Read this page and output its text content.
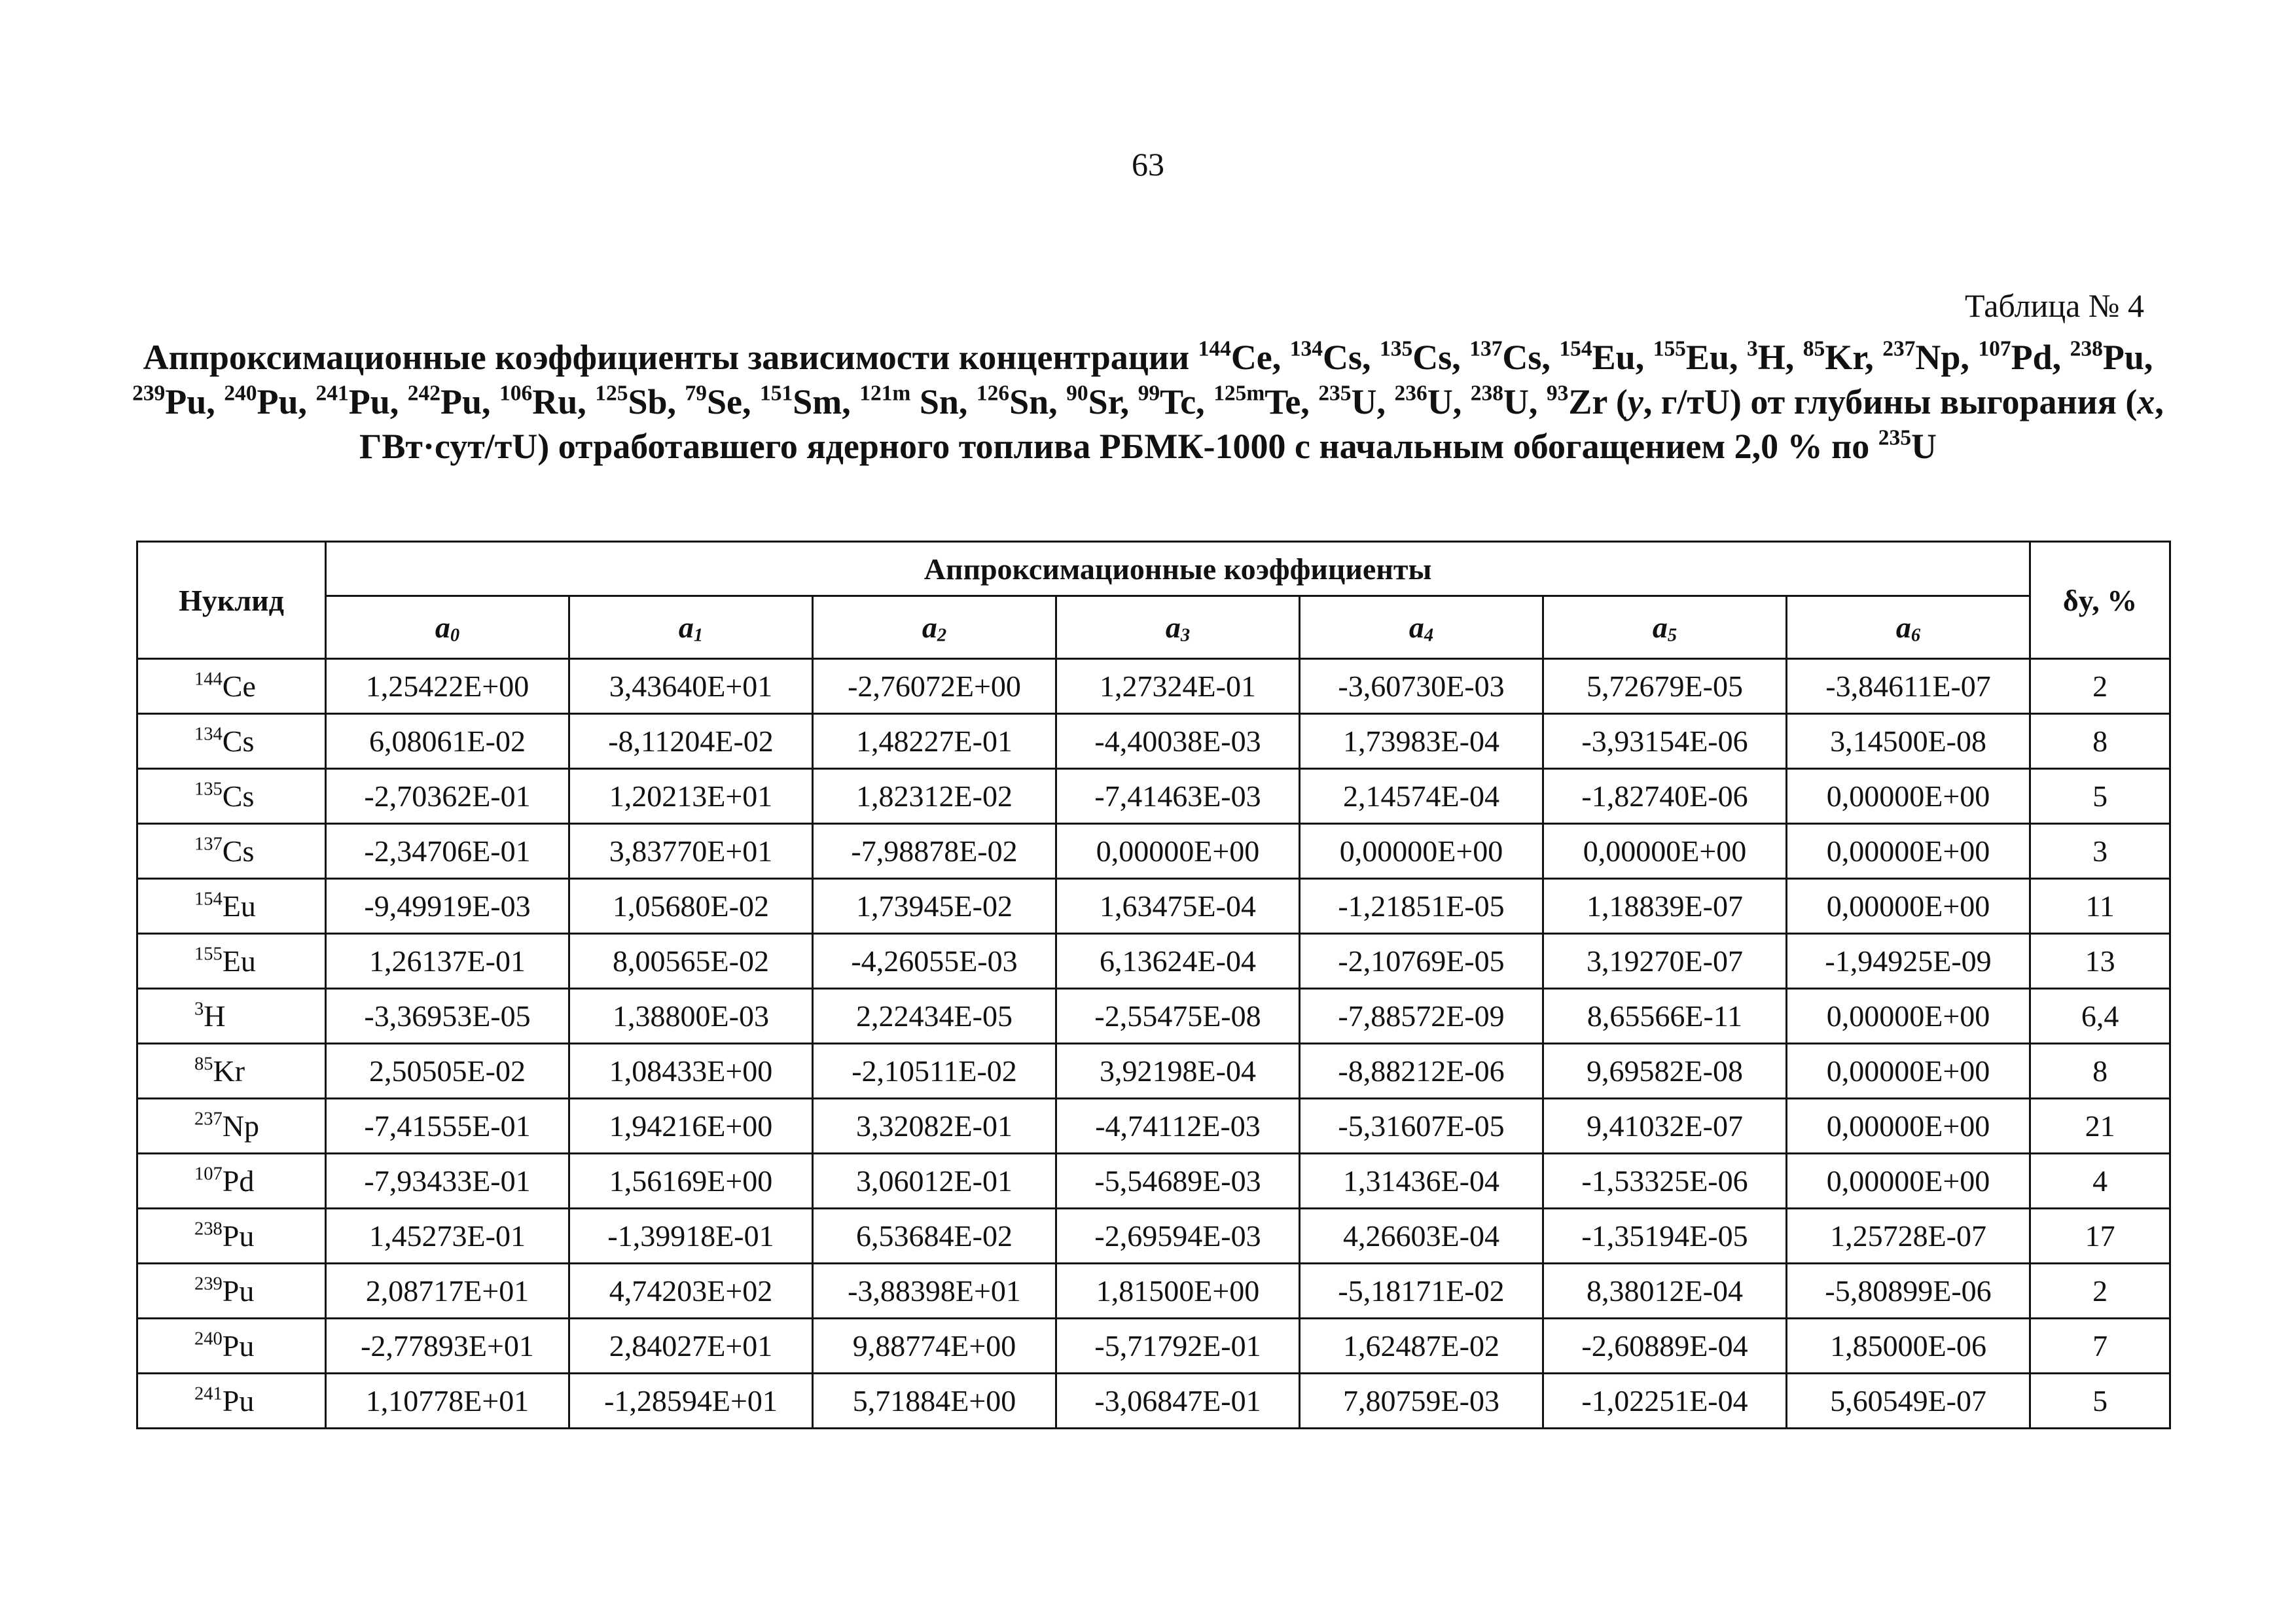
63
Таблица № 4
Аппроксимационные коэффициенты зависимости концентрации $^{144}$Ce, $^{134}$Cs, $^{135}$Cs, $^{137}$Cs, $^{154}$Eu, $^{155}$Eu, $^3$H, $^{85}$Kr, $^{237}$Np, $^{107}$Pd, $^{238}$Pu, $^{239}$Pu, $^{240}$Pu, $^{241}$Pu, $^{242}$Pu, $^{106}$Ru, $^{125}$Sb, $^{79}$Se, $^{151}$Sm, $^{121m}$ Sn, $^{126}$Sn, $^{90}$Sr, $^{99}$Tc, $^{125m}$Te, $^{235}$U, $^{236}$U, $^{238}$U, $^{93}$Zr (y, г/тU) от глубины выгорания (x, ГВт·сут/тU) отработавшего ядерного топлива РБМК-1000 с начальным обогащением 2,0 % по $^{235}$U
Нуклид	Аппроксимационные коэффициенты							δy, %
	$a_0$	$a_1$	$a_2$	$a_3$	$a_4$	$a_5$	$a_6$
$^{144}$Ce	1,25422E+00	3,43640E+01	-2,76072E+00	1,27324E-01	-3,60730E-03	5,72679E-05	-3,84611E-07	2
$^{134}$Cs	6,08061E-02	-8,11204E-02	1,48227E-01	-4,40038E-03	1,73983E-04	-3,93154E-06	3,14500E-08	8
$^{135}$Cs	-2,70362E-01	1,20213E+01	1,82312E-02	-7,41463E-03	2,14574E-04	-1,82740E-06	0,00000E+00	5
$^{137}$Cs	-2,34706E-01	3,83770E+01	-7,98878E-02	0,00000E+00	0,00000E+00	0,00000E+00	0,00000E+00	3
$^{154}$Eu	-9,49919E-03	1,05680E-02	1,73945E-02	1,63475E-04	-1,21851E-05	1,18839E-07	0,00000E+00	11
$^{155}$Eu	1,26137E-01	8,00565E-02	-4,26055E-03	6,13624E-04	-2,10769E-05	3,19270E-07	-1,94925E-09	13
$^3$H	-3,36953E-05	1,38800E-03	2,22434E-05	-2,55475E-08	-7,88572E-09	8,65566E-11	0,00000E+00	6,4
$^{85}$Kr	2,50505E-02	1,08433E+00	-2,10511E-02	3,92198E-04	-8,88212E-06	9,69582E-08	0,00000E+00	8
$^{237}$Np	-7,41555E-01	1,94216E+00	3,32082E-01	-4,74112E-03	-5,31607E-05	9,41032E-07	0,00000E+00	21
$^{107}$Pd	-7,93433E-01	1,56169E+00	3,06012E-01	-5,54689E-03	1,31436E-04	-1,53325E-06	0,00000E+00	4
$^{238}$Pu	1,45273E-01	-1,39918E-01	6,53684E-02	-2,69594E-03	4,26603E-04	-1,35194E-05	1,25728E-07	17
$^{239}$Pu	2,08717E+01	4,74203E+02	-3,88398E+01	1,81500E+00	-5,18171E-02	8,38012E-04	-5,80899E-06	2
$^{240}$Pu	-2,77893E+01	2,84027E+01	9,88774E+00	-5,71792E-01	1,62487E-02	-2,60889E-04	1,85000E-06	7
$^{241}$Pu	1,10778E+01	-1,28594E+01	5,71884E+00	-3,06847E-01	7,80759E-03	-1,02251E-04	5,60549E-07	5
